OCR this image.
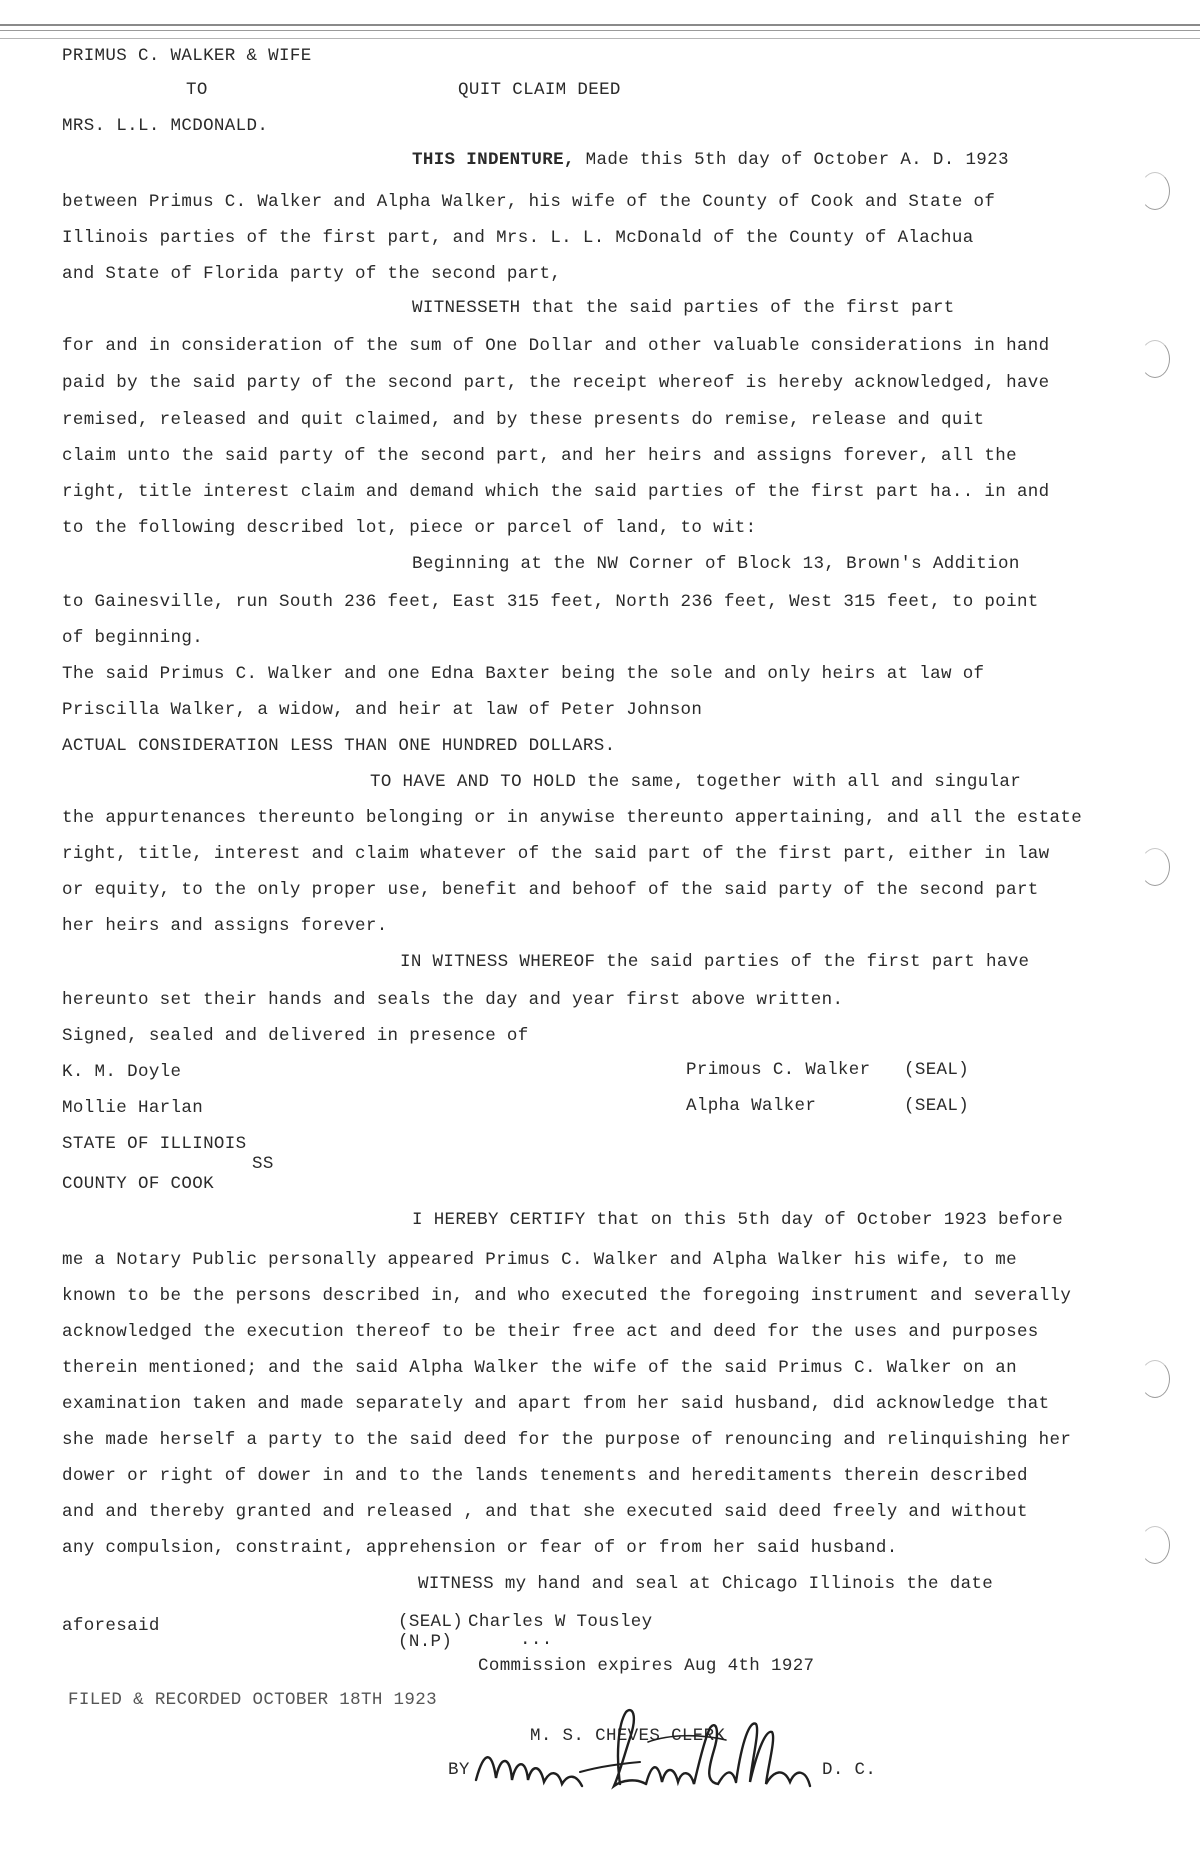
PRIMUS C. WALKER & WIFE
TO	QUIT CLAIM DEED
MRS. L.L. MCDONALD.
THIS INDENTURE, Made this 5th day of October A. D. 1923
between Primus C. Walker and Alpha Walker, his wife of the County of Cook and State of
Illinois parties of the first part, and Mrs. L. L. McDonald of the County of Alachua
and State of Florida party of the second part,
WITNESSETH that the said parties of the first part
for and in consideration of the sum of One Dollar and other valuable considerations in hand
paid by the said party of the second part, the receipt whereof is hereby acknowledged, have
remised, released and quit claimed, and by these presents do remise, release and quit
claim unto the said party of the second part, and her heirs and assigns forever, all the
right, title interest claim and demand which the said parties of the first part ha.. in and
to the following described lot, piece or parcel of land, to wit:
Beginning at the NW Corner of Block 13, Brown's Addition
to Gainesville, run South 236 feet, East 315 feet, North 236 feet, West 315 feet, to point
of beginning.
The said Primus C. Walker and one Edna Baxter being the sole and only heirs at law of
Priscilla Walker, a widow, and heir at law of Peter Johnson
ACTUAL CONSIDERATION LESS THAN ONE HUNDRED DOLLARS.
TO HAVE AND TO HOLD the same, together with all and singular
the appurtenances thereunto belonging or in anywise thereunto appertaining, and all the estate
right, title, interest and claim whatever of the said part of the first part, either in law
or equity, to the only proper use, benefit and behoof of the said party of the second part
her heirs and assigns forever.
IN WITNESS WHEREOF the said parties of the first part have
hereunto set their hands and seals the day and year first above written.
Signed, sealed and delivered in presence of
K. M. Doyle	Primous C. Walker (SEAL)
Mollie Harlan	Alpha Walker	(SEAL)
STATE OF ILLINOIS
SS
COUNTY OF COOK
I HEREBY CERTIFY that on this 5th day of October 1923 before
me a Notary Public personally appeared Primus C. Walker and Alpha Walker his wife, to me
known to be the persons described in, and who executed the foregoing instrument and severally
acknowledged the execution thereof to be their free act and deed for the uses and purposes
therein mentioned; and the said Alpha Walker the wife of the said Primus C. Walker on an
examination taken and made separately and apart from her said husband, did acknowledge that
she made herself a party to the said deed for the purpose of renouncing and relinquishing her
dower or right of dower in and to the lands tenements and hereditaments therein described
and and thereby granted and released , and that she executed said deed freely and without
any compulsion, constraint, apprehension or fear of or from her said husband.
WITNESS my hand and seal at Chicago Illinois the date
aforesaid	(SEAL) Charles W Tousley
(N.P)	...
Commission expires Aug 4th 1927
FILED & RECORDED OCTOBER 18TH 1923
M. S. CHEVES CLERK
BY	D. C.
